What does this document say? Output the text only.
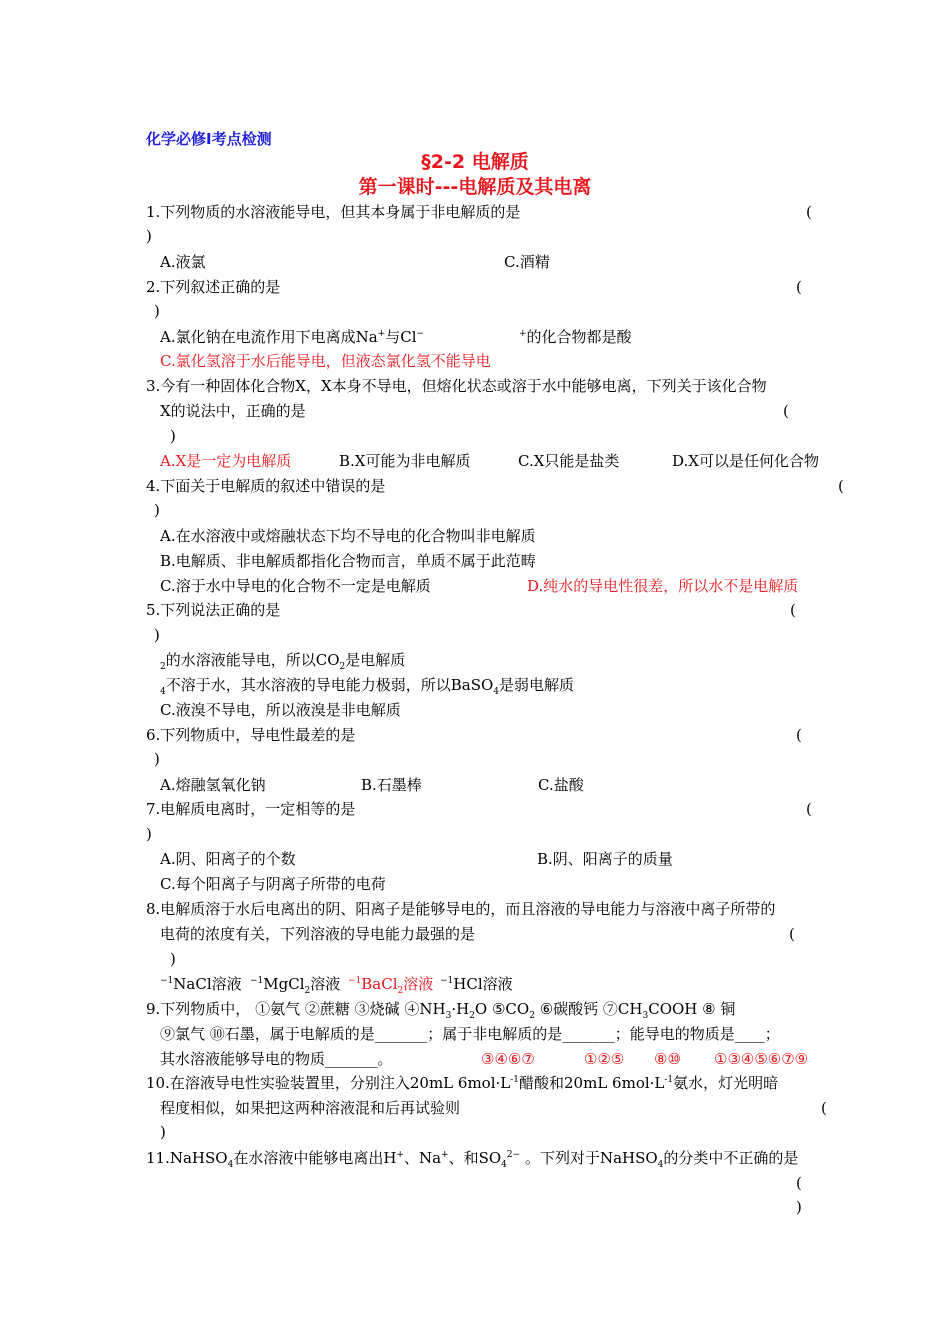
化学必修Ⅰ考点检测
§2-2 电解质
第一课时---电解质及其电离
1.下列物质的水溶液能导电，但其本身属于非电解质的是	(
)
A.液氯	C.酒精
2.下列叙述正确的是	(
)
A.氯化钠在电流作用下电离成Na+与Cl−	+的化合物都是酸
C.氯化氢溶于水后能导电，但液态氯化氢不能导电
3.今有一种固体化合物X，X本身不导电，但熔化状态或溶于水中能够电离，下列关于该化合物
X的说法中，正确的是	(
)
A.X是一定为电解质	B.X可能为非电解质	C.X只能是盐类	D.X可以是任何化合物
4.下面关于电解质的叙述中错误的是	(
)
A.在水溶液中或熔融状态下均不导电的化合物叫非电解质
B.电解质、非电解质都指化合物而言，单质不属于此范畴
C.溶于水中导电的化合物不一定是电解质	D.纯水的导电性很差，所以水不是电解质
5.下列说法正确的是	(
)
$_2$的水溶液能导电，所以$CO_2$是电解质
$_4$不溶于水，其水溶液的导电能力极弱，所以BaSO$_4$是弱电解质
C.液溴不导电，所以液溴是非电解质
6.下列物质中，导电性最差的是	(
)
A.熔融氢氧化钠	B.石墨棒	C.盐酸
7.电解质电离时，一定相等的是	(
)
A.阴、阳离子的个数	B.阴、阳离子的质量
C.每个阳离子与阴离子所带的电荷
8.电解质溶于水后电离出的阴、阳离子是能够导电的，而且溶液的导电能力与溶液中离子所带的
电荷的浓度有关，下列溶液的导电能力最强的是	(
)
$^{-1}$NaCl溶液 $^{-1}$MgCl$_2$溶液 $^{-1}$BaCl$_2$溶液 $^{-1}$HCl溶液
9.下列物质中， ①氨气 ②蔗糖 ③烧碱 $④NH_3\cdot H_2O$ $⑤CO_2$ ⑥碳酸钙 $⑦CH_3COOH$ ⑧ 铜
⑨氯气 ⑩石墨，属于电解质的是_______；属于非电解质的是_______；能导电的物质是____；
其水溶液能够导电的物质_______。	③④⑥⑦	①②⑤ ⑧⑩ ①③④⑤⑥⑦⑨
10.在溶液导电性实验装置里，分别注入20mL $6mol\cdot L^{-1}$醋酸和20mL $6mol\cdot L^{-1}$氨水，灯光明暗
程度相似，如果把这两种溶液混和后再试验则	(
)
11.NaHSO$_4$在水溶液中能够电离出H+、Na+、和$SO_4^{2-}$ 。下列对于NaHSO$_4$的分类中不正确的是
(
)
